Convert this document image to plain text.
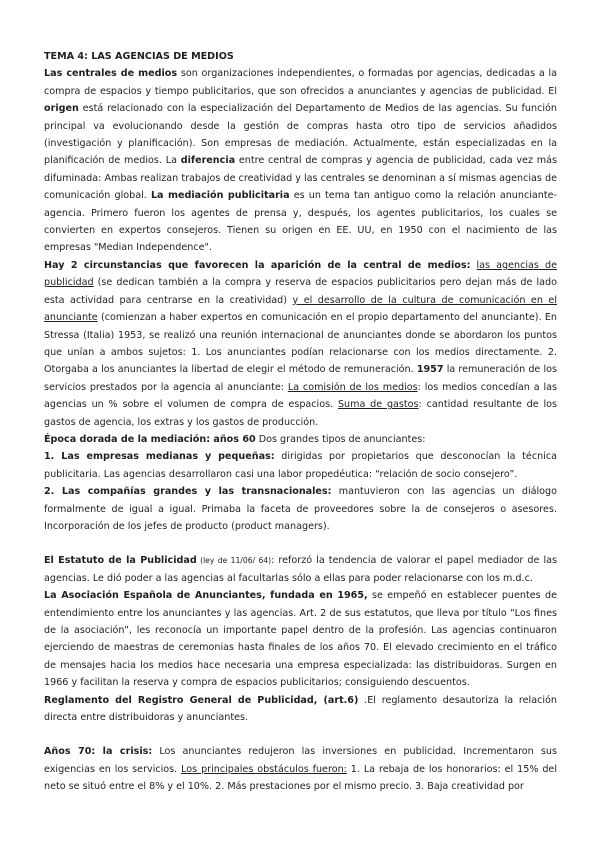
TEMA 4: LAS AGENCIAS DE MEDIOS

Las centrales de medios son organizaciones independientes, o formadas por agencias, dedicadas a la compra de espacios y tiempo publicitarios, que son ofrecidos a anunciantes y agencias de publicidad. El origen está relacionado con la especialización del Departamento de Medios de las agencias. Su función principal va evolucionando desde la gestión de compras hasta otro tipo de servicios añadidos (investigación y planificación). Son empresas de mediación. Actualmente, están especializadas en la planificación de medios. La diferencia entre central de compras y agencia de publicidad, cada vez más difuminada: Ambas realizan trabajos de creatividad y las centrales se denominan a sí mismas agencias de comunicación global. La mediación publicitaria es un tema tan antiguo como la relación anunciante-agencia. Primero fueron los agentes de prensa y, después, los agentes publicitarios, los cuales se convierten en expertos consejeros. Tienen su origen en EE. UU, en 1950 con el nacimiento de las empresas "Median Independence".

Hay 2 circunstancias que favorecen la aparición de la central de medios: las agencias de publicidad (se dedican también a la compra y reserva de espacios publicitarios pero dejan más de lado esta actividad para centrarse en la creatividad) y el desarrollo de la cultura de comunicación en el anunciante (comienzan a haber expertos en comunicación en el propio departamento del anunciante). En Stressa (Italia) 1953, se realizó una reunión internacional de anunciantes donde se abordaron los puntos que unían a ambos sujetos: 1. Los anunciantes podían relacionarse con los medios directamente. 2. Otorgaba a los anunciantes la libertad de elegir el método de remuneración. 1957 la remuneración de los servicios prestados por la agencia al anunciante: La comisión de los medios: los medios concedían a las agencias un % sobre el volumen de compra de espacios. Suma de gastos: cantidad resultante de los gastos de agencia, los extras y los gastos de producción.

Época dorada de la mediación: años 60 Dos grandes tipos de anunciantes:

1. Las empresas medianas y pequeñas: dirigidas por propietarios que desconocían la técnica publicitaria. Las agencias desarrollaron casi una labor propedéutica: “relación de socio consejero”.

2. Las compañías grandes y las transnacionales: mantuvieron con las agencias un diálogo formalmente de igual a igual. Primaba la faceta de proveedores sobre la de consejeros o asesores. Incorporación de los jefes de producto (product managers).

El Estatuto de la Publicidad (ley de 11/06/ 64): reforzó la tendencia de valorar el papel mediador de las agencias. Le dió poder a las agencias al facultarlas sólo a ellas para poder relacionarse con los m.d.c.

La Asociación Española de Anunciantes, fundada en 1965, se empeñó en establecer puentes de entendimiento entre los anunciantes y las agencias. Art. 2 de sus estatutos, que lleva por título “Los fines de la asociación”, les reconocía un importante papel dentro de la profesión. Las agencias continuaron ejerciendo de maestras de ceremonias hasta finales de los años 70. El elevado crecimiento en el tráfico de mensajes hacia los medios hace necesaria una empresa especializada: las distribuidoras. Surgen en 1966 y facilitan la reserva y compra de espacios publicitarios; consiguiendo descuentos.

Reglamento del Registro General de Publicidad, (art.6) .El reglamento desautoriza la relación directa entre distribuidoras y anunciantes.

Años 70: la crisis: Los anunciantes redujeron las inversiones en publicidad. Incrementaron sus exigencias en los servicios. Los principales obstáculos fueron: 1. La rebaja de los honorarios: el 15% del neto se situó entre el 8% y el 10%. 2. Más prestaciones por el mismo precio. 3. Baja creatividad por
